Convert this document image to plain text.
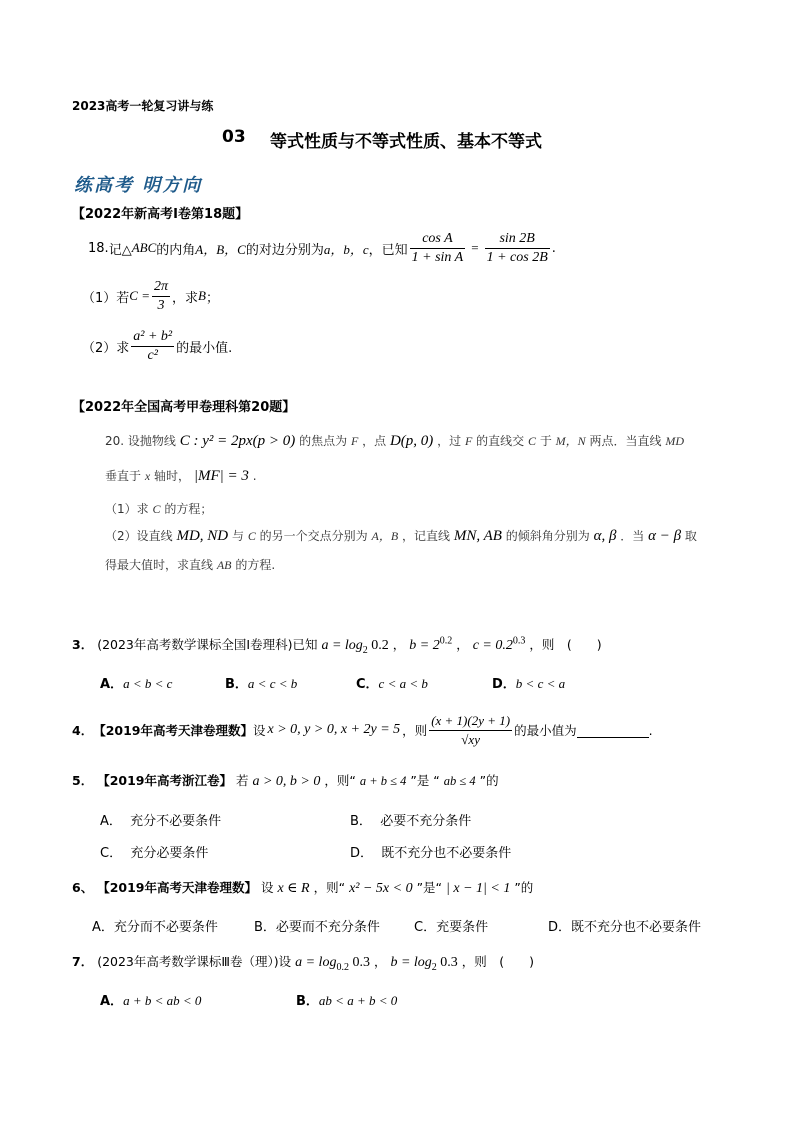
2023高考一轮复习讲与练
03 等式性质与不等式性质、基本不等式
练高考 明方向
【2022年新高考Ⅰ卷第18题】
18. 记△ ABC 的内角 A，B，C 的对边分别为 a，b，c ，已知 $\frac{\text{cos A}}{\text{1 + sin A}} = \frac{\sin 2B}{1 + \cos 2B}$ .
（1）若 $C = \frac{2\pi}{3}$ ，求 B ；
（2）求 $\frac{\text{a² + b²}}{\text{c²}}$ 的最小值.
【2022年全国高考甲卷理科第20题】
20. 设抛物线 C : y² = 2px(p > 0) 的焦点为 F ，点 D(p, 0) ，过 F 的直线交 C 于 M，N 两点．当直线 MD
垂直于 x 轴时， |MF| = 3 .
（1）求 C 的方程；
（2）设直线 MD, ND 与 C 的另一个交点分别为 A，B ，记直线 MN, AB 的倾斜角分别为 α, β ．当 α − β 取
得最大值时，求直线 AB 的方程.
3． (2023年高考数学课标全国Ⅰ卷理科)已知 $a = \log_2 0.2$ ， $b = 2^{0.2}$ ， $c = 0.2^{0.3}$ ，则　(　　)
A．a < b < c	B．a < c < b	C．c < a < b	D．b < c < a
4． 【2019年高考天津卷理数】 设 x > 0, y > 0, x + 2y = 5 ，则 $\frac{(x + 1)(2y + 1)}{√xy}$ 的最小值为	.
5． 【2019年高考浙江卷】 若 a > 0, b > 0 ，则“ a + b ≤ 4 ”是 “ ab ≤ 4 ”的
A． 充分不必要条件	B． 必要不充分条件
C． 充分必要条件	D． 既不充分也不必要条件
6、 【2019年高考天津卷理数】 设 x ∈ R ，则“ x² − 5x < 0 ”是“ | x − 1| < 1 ”的
A．充分而不必要条件	B．必要而不充分条件	C．充要条件	D．既不充分也不必要条件
7． (2023年高考数学课标Ⅲ卷（理）)设 $a = \log_{0.2} 0.3$ ， $b = \log_2 0.3$ ，则　(　　)
A．a + b < ab < 0	B．ab < a + b < 0
